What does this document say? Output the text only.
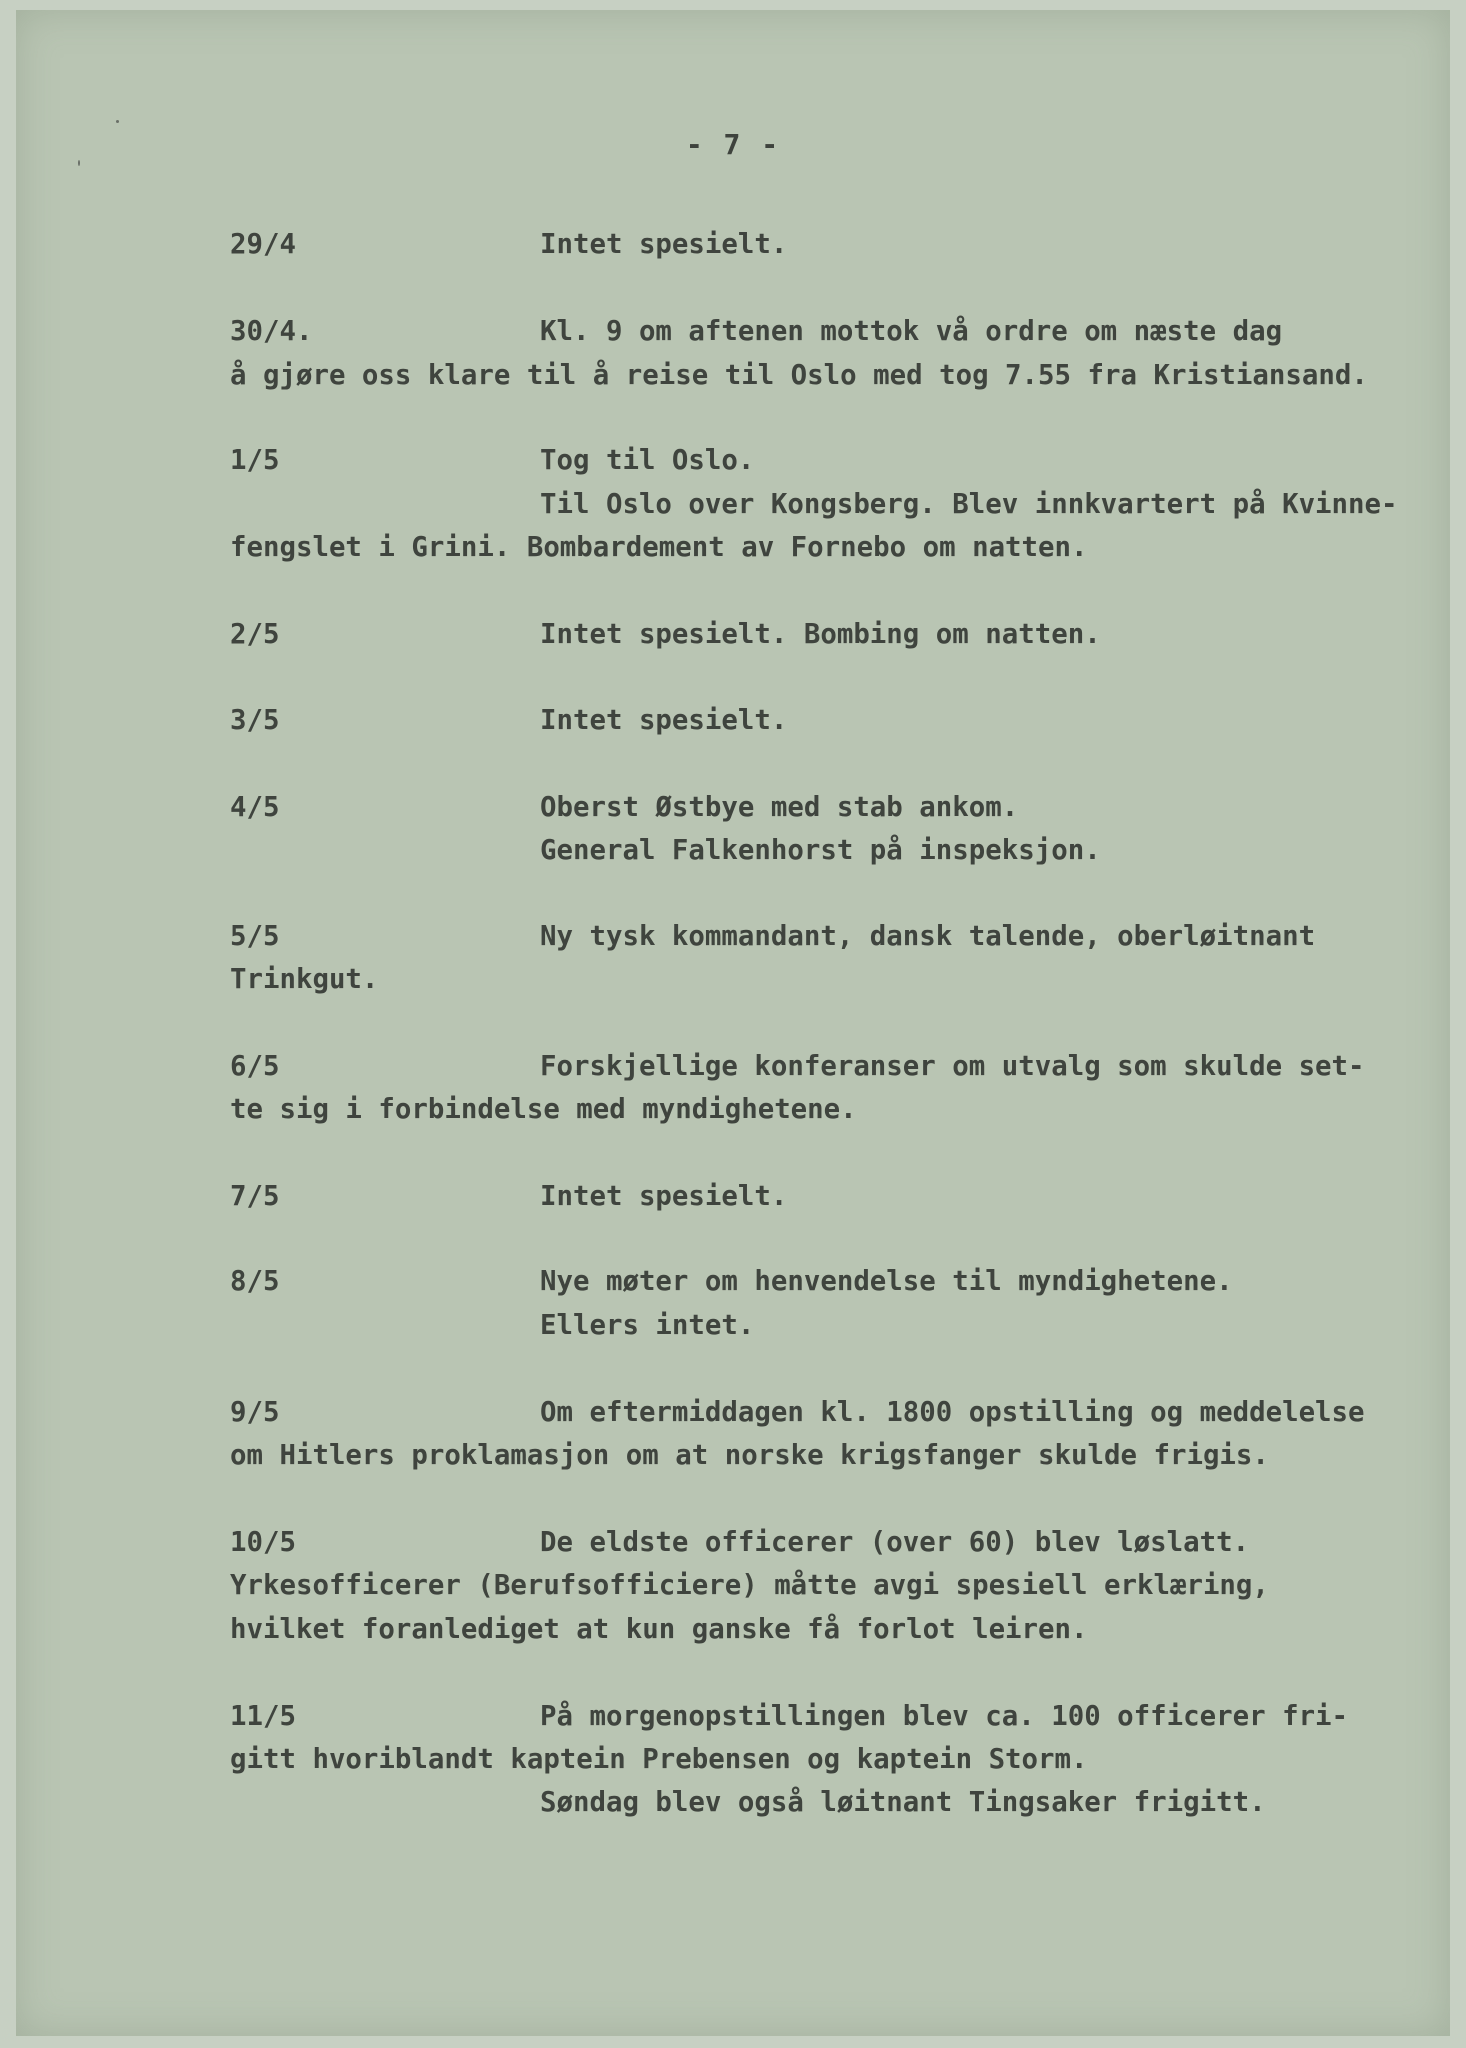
- 7 -
29/4	Intet spesielt.
30/4.	Kl. 9 om aftenen mottok vå ordre om næste dag
å gjøre oss klare til å reise til Oslo med tog 7.55 fra Kristiansand.
1/5	Tog til Oslo.
Til Oslo over Kongsberg. Blev innkvartert på Kvinne-
fengslet i Grini. Bombardement av Fornebo om natten.
2/5	Intet spesielt. Bombing om natten.
3/5	Intet spesielt.
4/5	Oberst Østbye med stab ankom.
General Falkenhorst på inspeksjon.
5/5	Ny tysk kommandant, dansk talende, oberløitnant
Trinkgut.
6/5	Forskjellige konferanser om utvalg som skulde set-
te sig i forbindelse med myndighetene.
7/5	Intet spesielt.
8/5	Nye møter om henvendelse til myndighetene.
Ellers intet.
9/5	Om eftermiddagen kl. 1800 opstilling og meddelelse
om Hitlers proklamasjon om at norske krigsfanger skulde frigis.
10/5	De eldste officerer (over 60) blev løslatt.
Yrkesofficerer (Berufsofficiere) måtte avgi spesiell erklæring,
hvilket foranlediget at kun ganske få forlot leiren.
11/5	På morgenopstillingen blev ca. 100 officerer fri-
gitt hvoriblandt kaptein Prebensen og kaptein Storm.
Søndag blev også løitnant Tingsaker frigitt.
